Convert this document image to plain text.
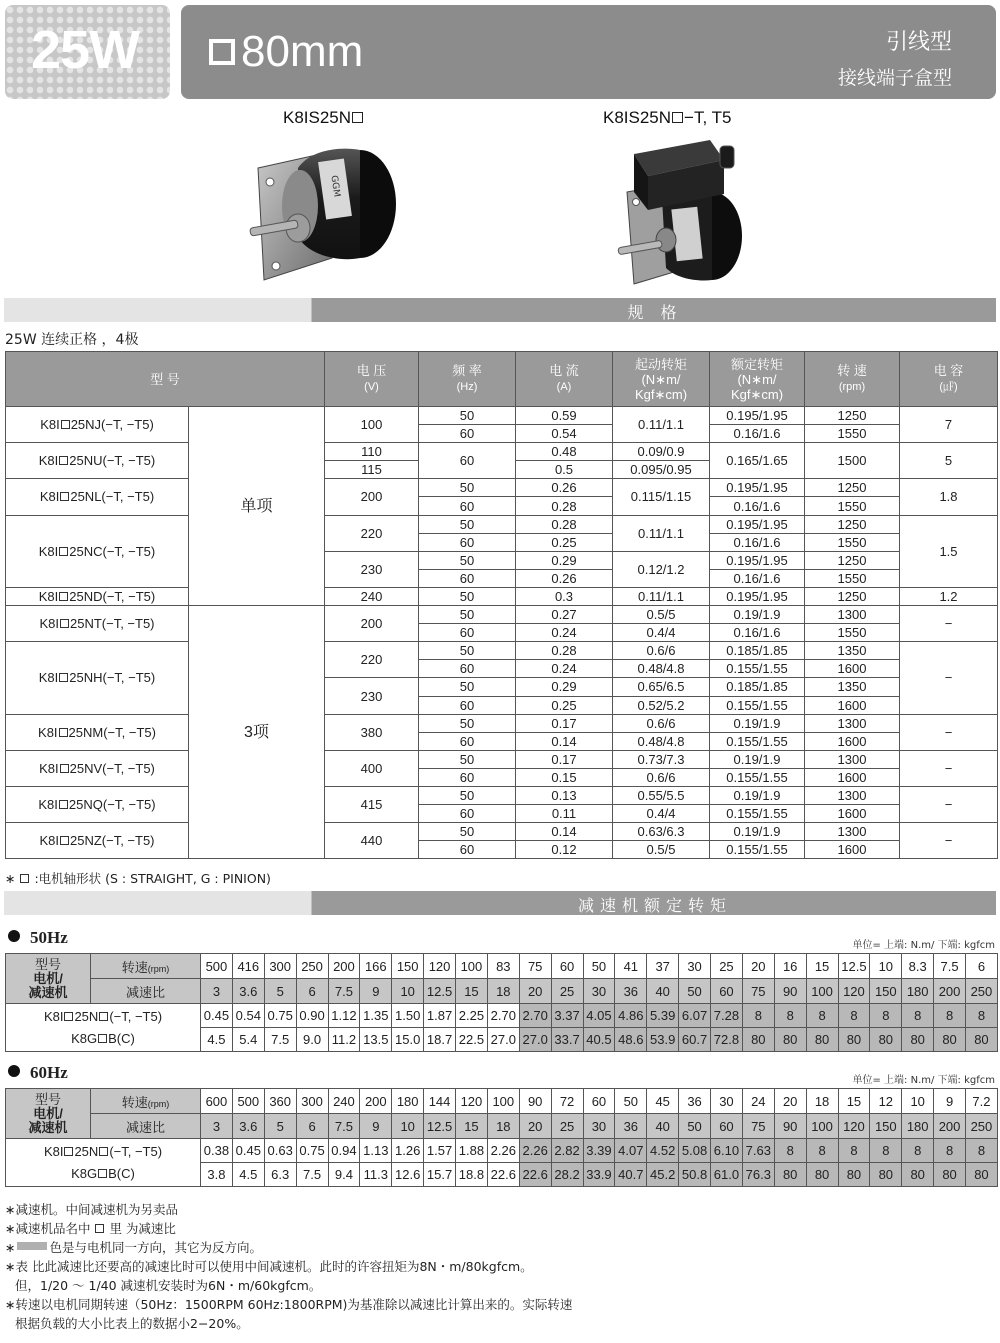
25W 80mm	引线型
接线端子盒型
K8IS25N	K8IS25N −T, T5
GGM
规 格
25W 连续正格 ，4极
型 号		电 压
(V)	频 率
(Hz)	电 流
(A)	起动转矩
(N∗m/
Kgf∗cm)	额定转矩
(N∗m/
Kgf∗cm)	转 速
(rpm)	电 容
(㎌)
K8I 25NJ(−T, −T5)	单项	100	50	0.59	0.11/1.1	0.195/1.95	1250	7
			60	0.54		0.16/1.6	1550	
K8I 25NU(−T, −T5)		110	60	0.48	0.09/0.9	0.165/1.65	1500	5
		115		0.5	0.095/0.95			
K8I 25NL(−T, −T5)		200	50	0.26	0.115/1.15	0.195/1.95	1250	1.8
			60	0.28		0.16/1.6	1550	
K8I 25NC(−T, −T5)		220	50	0.28	0.11/1.1	0.195/1.95	1250	1.5
			60	0.25		0.16/1.6	1550	
		230	50	0.29	0.12/1.2	0.195/1.95	1250	
			60	0.26		0.16/1.6	1550	
K8I 25ND(−T, −T5)		240	50	0.3	0.11/1.1	0.195/1.95	1250	1.2
K8I 25NT(−T, −T5)	3项	200	50	0.27	0.5/5	0.19/1.9	1300	−
			60	0.24	0.4/4	0.16/1.6	1550	
K8I 25NH(−T, −T5)		220	50	0.28	0.6/6	0.185/1.85	1350	−
			60	0.24	0.48/4.8	0.155/1.55	1600	
		230	50	0.29	0.65/6.5	0.185/1.85	1350	
			60	0.25	0.52/5.2	0.155/1.55	1600	
K8I 25NM(−T, −T5)		380	50	0.17	0.6/6	0.19/1.9	1300	−
			60	0.14	0.48/4.8	0.155/1.55	1600	
K8I 25NV(−T, −T5)		400	50	0.17	0.73/7.3	0.19/1.9	1300	−
			60	0.15	0.6/6	0.155/1.55	1600	
K8I 25NQ(−T, −T5)		415	50	0.13	0.55/5.5	0.19/1.9	1300	−
			60	0.11	0.4/4	0.155/1.55	1600	
K8I 25NZ(−T, −T5)		440	50	0.14	0.63/6.3	0.19/1.9	1300	−
			60	0.12	0.5/5	0.155/1.55	1600	
∗ :电机轴形状 (S : STRAIGHT, G : PINION)
减速机额定转矩
50Hz	单位= 上端: N.m/ 下端: kgfcm
型号
电机/
减速机	转速(rpm)	500	416	300	250	200	166	150	120	100	83	75	60	50	41	37	30	25	20	16	15	12.5	10	8.3	7.5	6
	减速比	3	3.6	5	6	7.5	9	10	12.5	15	18	20	25	30	36	40	50	60	75	90	100	120	150	180	200	250
K8I 25N (−T, −T5)
K8G B(C)		0.45	0.54	0.75	0.90	1.12	1.35	1.50	1.87	2.25	2.70	2.70	3.37	4.05	4.86	5.39	6.07	7.28	8	8	8	8	8	8	8	8
		4.5	5.4	7.5	9.0	11.2	13.5	15.0	18.7	22.5	27.0	27.0	33.7	40.5	48.6	53.9	60.7	72.8	80	80	80	80	80	80	80	80
60Hz	单位= 上端: N.m/ 下端: kgfcm
型号
电机/
减速机	转速(rpm)	600	500	360	300	240	200	180	144	120	100	90	72	60	50	45	36	30	24	20	18	15	12	10	9	7.2
	减速比	3	3.6	5	6	7.5	9	10	12.5	15	18	20	25	30	36	40	50	60	75	90	100	120	150	180	200	250
K8I 25N (−T, −T5)
K8G B(C)		0.38	0.45	0.63	0.75	0.94	1.13	1.26	1.57	1.88	2.26	2.26	2.82	3.39	4.07	4.52	5.08	6.10	7.63	8	8	8	8	8	8	8
		3.8	4.5	6.3	7.5	9.4	11.3	12.6	15.7	18.8	22.6	22.6	28.2	33.9	40.7	45.2	50.8	61.0	76.3	80	80	80	80	80	80	80
∗减速机。中间减速机为另卖品
∗减速机品名中 里 为减速比
∗	色是与电机同一方向，其它为反方向。
∗表 比此减速比还要高的减速比时可以使用中间减速机。此时的许容扭矩为8N・m/80kgfcm。
但，1/20 ～ 1/40 减速机安装时为6N・m/60kgfcm。
∗转速以电机同期转速（50Hz：1500RPM 60Hz:1800RPM)为基准除以减速比计算出来的。实际转速
根据负载的大小比表上的数据小2−20%。
